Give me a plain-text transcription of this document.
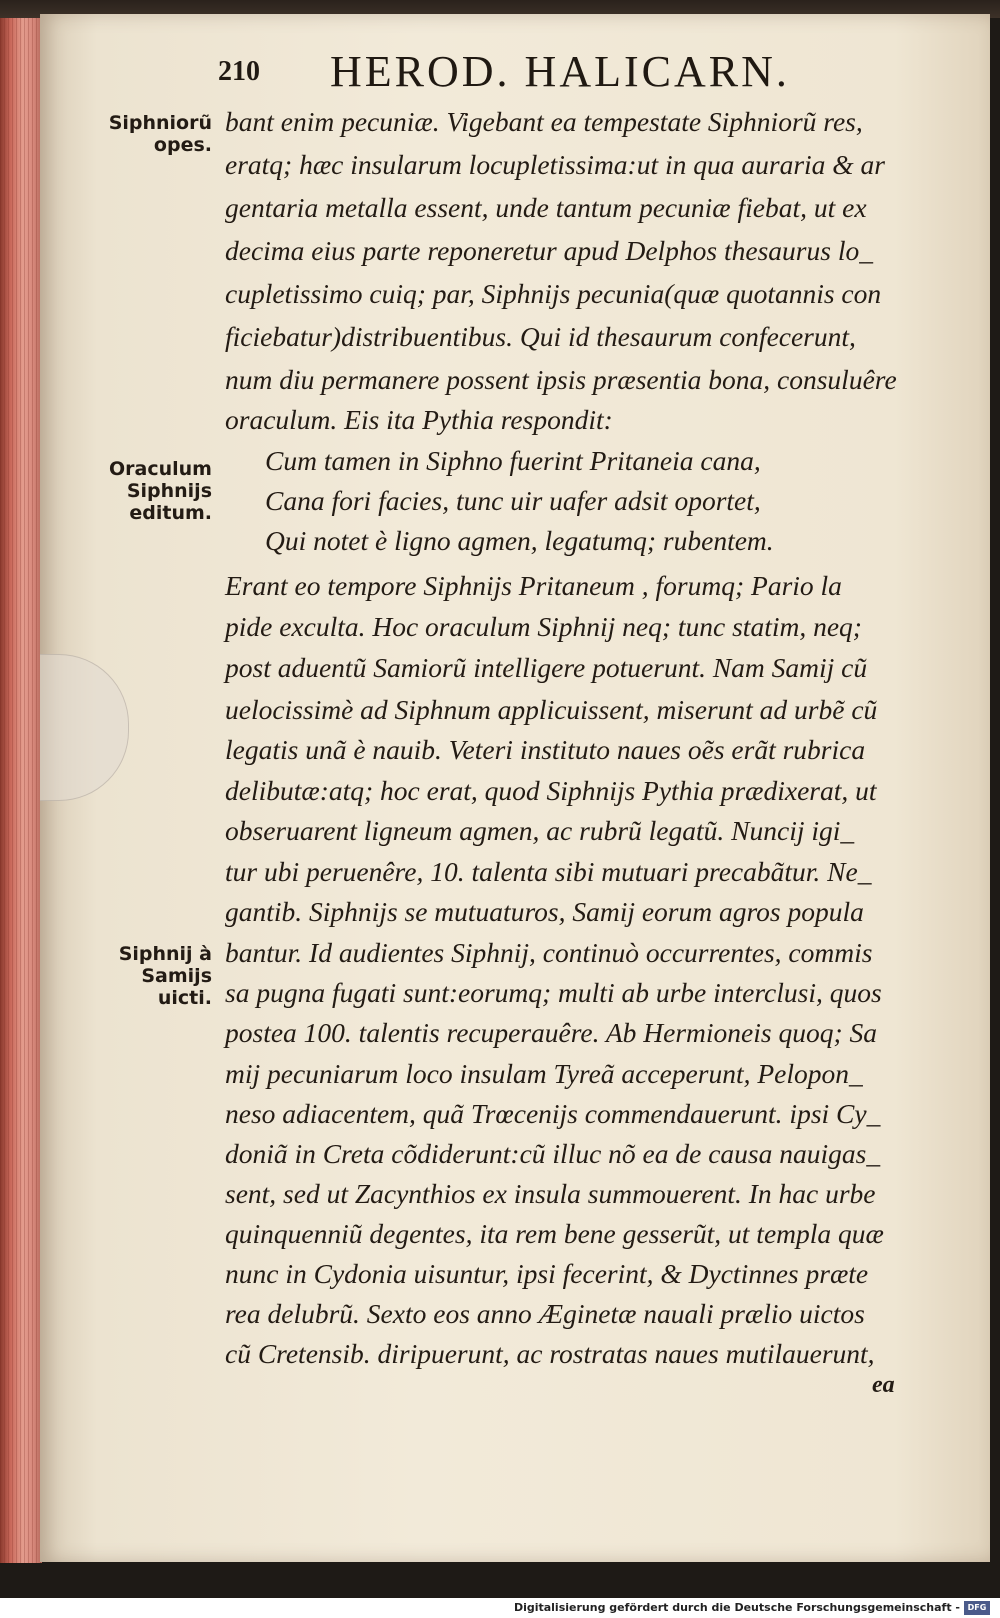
210 HEROD. HALICARN.
Siphniorũ
opes.
Oraculum
Siphnijs
editum.
Siphnij à
Samijs
uicti.
bant enim pecuniæ. Vigebant ea tempestate Siphniorũ res,
eratq; hæc insularum locupletissima:ut in qua auraria & ar
gentaria metalla essent, unde tantum pecuniæ fiebat, ut ex
decima eius parte reponeretur apud Delphos thesaurus lo_
cupletissimo cuiq; par, Siphnijs pecunia(quæ quotannis con
ficiebatur)distribuentibus. Qui id thesaurum confecerunt,
num diu permanere possent ipsis præsentia bona, consuluêre
oraculum. Eis ita Pythia respondit:
Cum tamen in Siphno fuerint Pritaneia cana,
Cana fori facies, tunc uir uafer adsit oportet,
Qui notet è ligno agmen, legatumq; rubentem.
Erant eo tempore Siphnijs Pritaneum , forumq; Pario la
pide exculta. Hoc oraculum Siphnij neq; tunc statim, neq;
post aduentũ Samiorũ intelligere potuerunt. Nam Samij cũ
uelocissimè ad Siphnum applicuissent, miserunt ad urbẽ cũ
legatis unã è nauib. Veteri instituto naues oẽs erãt rubrica
delibutæ:atq; hoc erat, quod Siphnijs Pythia prædixerat, ut
obseruarent ligneum agmen, ac rubrũ legatũ. Nuncij igi_
tur ubi peruenêre, 10. talenta sibi mutuari precabãtur. Ne_
gantib. Siphnijs se mutuaturos, Samij eorum agros popula
bantur. Id audientes Siphnij, continuò occurrentes, commis
sa pugna fugati sunt:eorumq; multi ab urbe interclusi, quos
postea 100. talentis recuperauêre. Ab Hermioneis quoq; Sa
mij pecuniarum loco insulam Tyreã acceperunt, Pelopon_
neso adiacentem, quã Trœcenijs commendauerunt. ipsi Cy_
doniã in Creta cõdiderunt:cũ illuc nõ ea de causa nauigas_
sent, sed ut Zacynthios ex insula summouerent. In hac urbe
quinquenniũ degentes, ita rem bene gesserũt, ut templa quæ
nunc in Cydonia uisuntur, ipsi fecerint, & Dyctinnes præte
rea delubrũ. Sexto eos anno Æginetæ nauali prælio uictos
cũ Cretensib. diripuerunt, ac rostratas naues mutilauerunt,
ea
Digitalisierung gefördert durch die Deutsche Forschungsgemeinschaft - DFG
